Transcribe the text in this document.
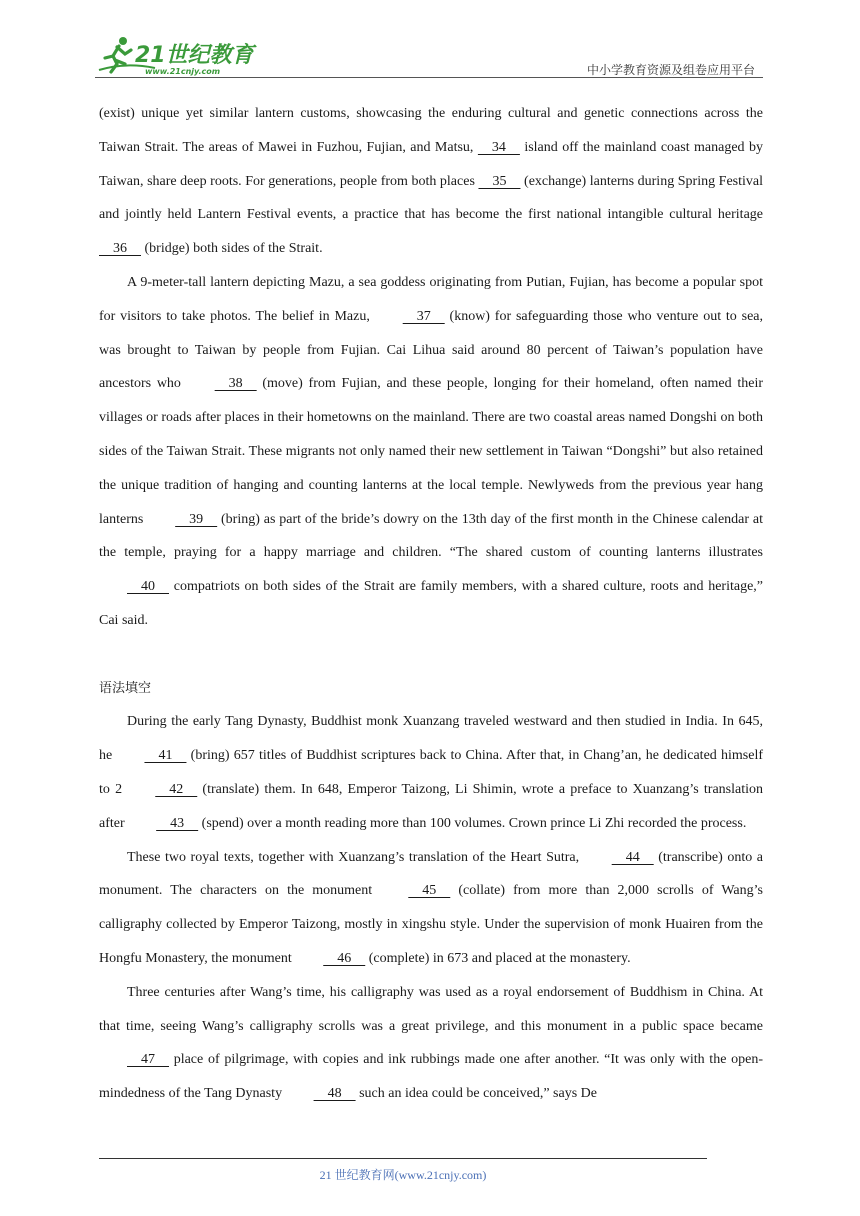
21世纪教育
www.21cnjy.com	中小学教育资源及组卷应用平台

(exist) unique yet similar lantern customs, showcasing the enduring cultural and genetic connections across the Taiwan Strait. The areas of Mawei in Fuzhou, Fujian, and Matsu,     34     island off the mainland coast managed by Taiwan, share deep roots. For generations, people from both places     35     (exchange) lanterns during Spring Festival and jointly held Lantern Festival events, a practice that has become the first national intangible cultural heritage     36     (bridge) both sides of the Strait.

A 9-meter-tall lantern depicting Mazu, a sea goddess originating from Putian, Fujian, has become a popular spot for visitors to take photos. The belief in Mazu,     37     (know) for safeguarding those who venture out to sea, was brought to Taiwan by people from Fujian. Cai Lihua said around 80 percent of Taiwan’s population have ancestors who     38     (move) from Fujian, and these people, longing for their homeland, often named their villages or roads after places in their hometowns on the mainland. There are two coastal areas named Dongshi on both sides of the Taiwan Strait. These migrants not only named their new settlement in Taiwan “Dongshi” but also retained the unique tradition of hanging and counting lanterns at the local temple. Newlyweds from the previous year hang lanterns     39     (bring) as part of the bride’s dowry on the 13th day of the first month in the Chinese calendar at the temple, praying for a happy marriage and children. “The shared custom of counting lanterns illustrates     40     compatriots on both sides of the Strait are family members, with a shared culture, roots and heritage,” Cai said.

语法填空

During the early Tang Dynasty, Buddhist monk Xuanzang traveled westward and then studied in India. In 645, he     41     (bring) 657 titles of Buddhist scriptures back to China. After that, in Chang’an, he dedicated himself to 2     42     (translate) them. In 648, Emperor Taizong, Li Shimin, wrote a preface to Xuanzang’s translation after     43     (spend) over a month reading more than 100 volumes. Crown prince Li Zhi recorded the process.

These two royal texts, together with Xuanzang’s translation of the Heart Sutra,     44     (transcribe) onto a monument. The characters on the monument     45     (collate) from more than 2,000 scrolls of Wang’s calligraphy collected by Emperor Taizong, mostly in xingshu style. Under the supervision of monk Huairen from the Hongfu Monastery, the monument     46     (complete) in 673 and placed at the monastery.

Three centuries after Wang’s time, his calligraphy was used as a royal endorsement of Buddhism in China. At that time, seeing Wang’s calligraphy scrolls was a great privilege, and this monument in a public space became     47     place of pilgrimage, with copies and ink rubbings made one after another. “It was only with the open-mindedness of the Tang Dynasty     48     such an idea could be conceived,” says De

21 世纪教育网(www.21cnjy.com)
